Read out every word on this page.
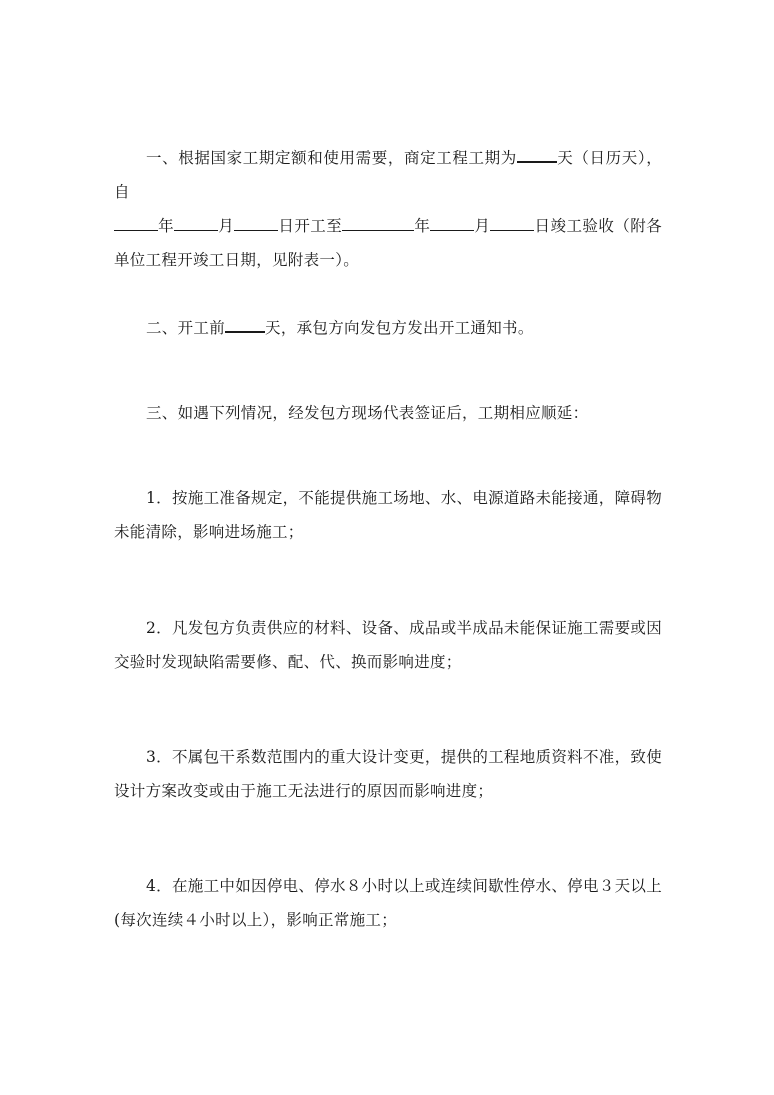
一、根据国家工期定额和使用需要，商定工程工期为	天（日历天），自
年	月	日开工至	年	月	日竣工验收（附各单位工程开竣工日期，见附表一）。
二、开工前	天，承包方向发包方发出开工通知书。
三、如遇下列情况，经发包方现场代表签证后，工期相应顺延：
1．按施工准备规定，不能提供施工场地、水、电源道路未能接通，障碍物未能清除，影响进场施工；
2．凡发包方负责供应的材料、设备、成品或半成品未能保证施工需要或因交验时发现缺陷需要修、配、代、换而影响进度；
3．不属包干系数范围内的重大设计变更，提供的工程地质资料不准，致使设计方案改变或由于施工无法进行的原因而影响进度；
4．在施工中如因停电、停水８小时以上或连续间歇性停水、停电３天以上(每次连续４小时以上），影响正常施工；
